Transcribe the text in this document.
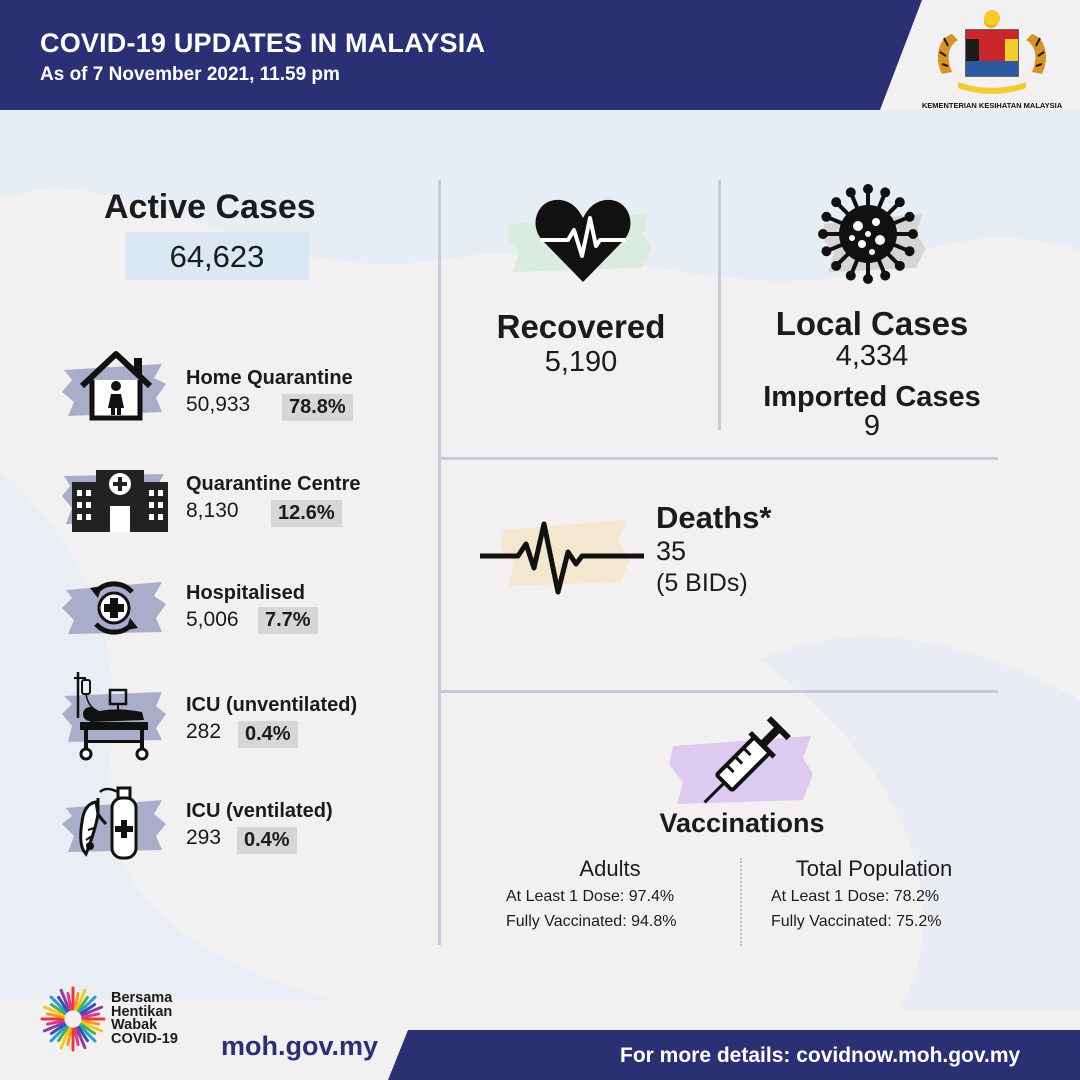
COVID-19 UPDATES IN MALAYSIA
As of 7 November 2021, 11.59 pm
KEMENTERIAN KESIHATAN MALAYSIA
Active Cases
64,623
Home Quarantine
50,933	78.8%
Quarantine Centre
8,130	12.6%
Hospitalised
5,006	7.7%
ICU (unventilated)
282	0.4%
ICU (ventilated)
293	0.4%
Recovered
5,190
Local Cases
4,334
Imported Cases
9
Deaths*
35
(5 BIDs)
Vaccinations
Adults
At Least 1 Dose: 97.4%
Fully Vaccinated: 94.8%
Total Population
At Least 1 Dose: 78.2%
Fully Vaccinated: 75.2%
Bersama
Hentikan
Wabak
COVID-19 moh.gov.my	For more details: covidnow.moh.gov.my
